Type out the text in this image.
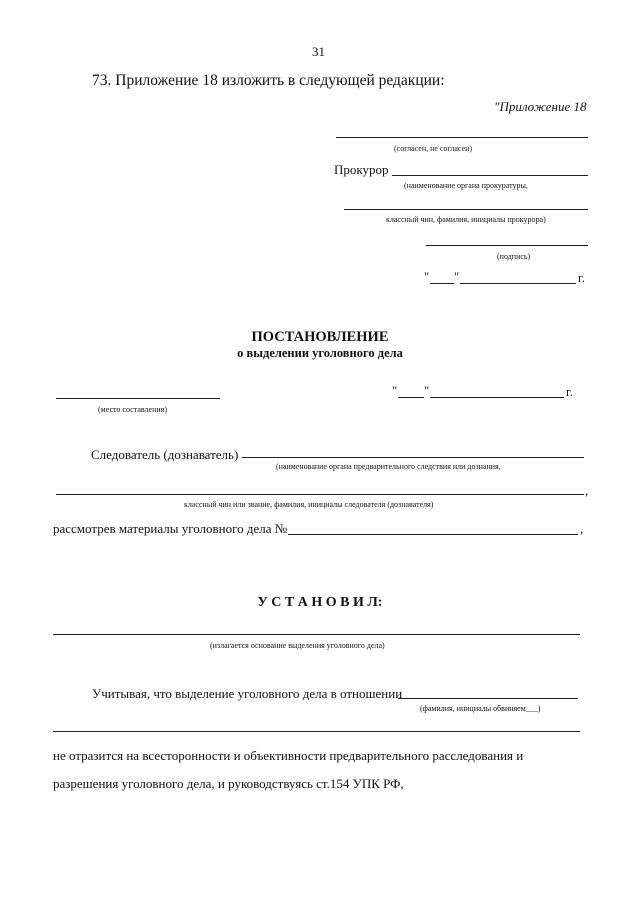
31
73. Приложение 18 изложить в следующей редакции:
"Приложение 18
(согласен, не согласен)
Прокурор
(наименование органа прокуратуры,
классный чин, фамилия, инициалы прокурора)
(подпись)
" "	г.
ПОСТАНОВЛЕНИЕ
о выделении уголовного дела
(место составления)
" "	г.
Следователь (дознаватель)
(наименование органа предварительного следствия или дознания,
,
классный чин или звание, фамилия, инициалы следователя (дознавателя)
рассмотрев материалы уголовного дела №	,
У С Т А Н О В И Л:
(излагается основание выделения уголовного дела)
Учитывая, что выделение уголовного дела в отношении
(фамилия, инициалы обвиняем___)
не отразится на всесторонности и объективности предварительного расследования и
разрешения уголовного дела, и руководствуясь ст.154 УПК РФ,
